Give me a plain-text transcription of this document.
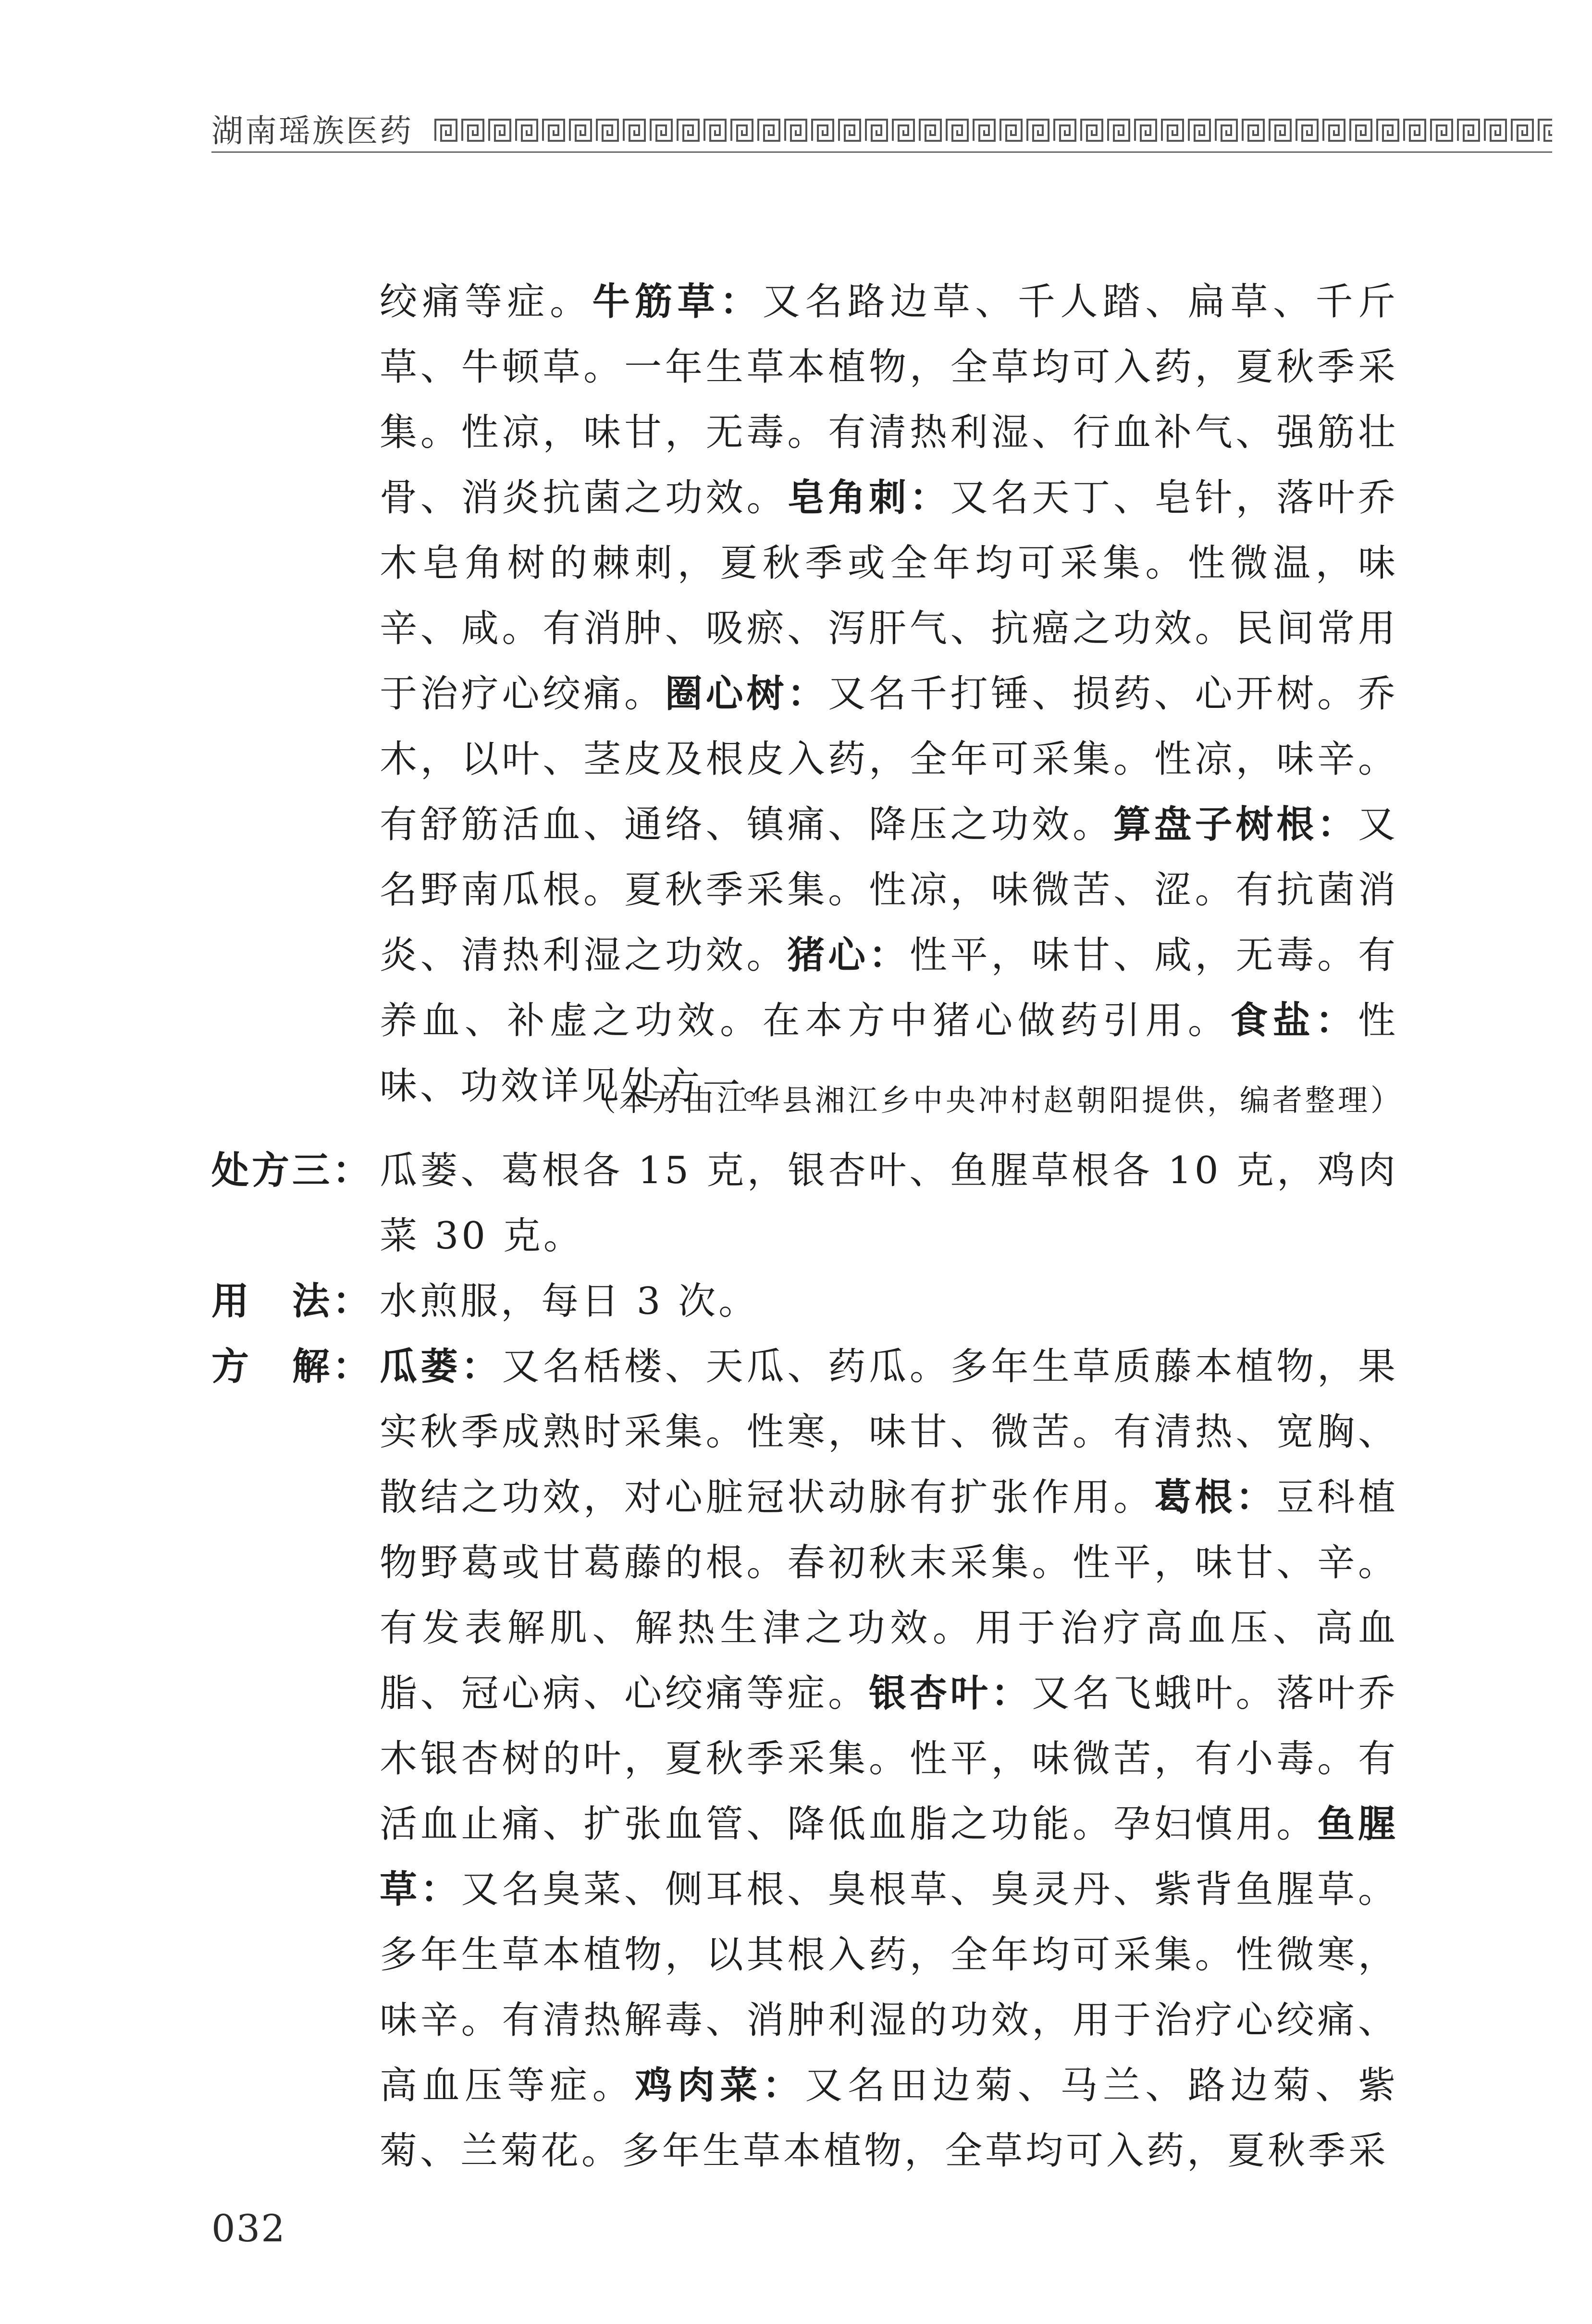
湖南瑶族医药

绞痛等症。牛筋草：又名路边草、千人踏、扁草、千斤草、牛顿草。一年生草本植物，全草均可入药，夏秋季采集。性凉，味甘，无毒。有清热利湿、行血补气、强筋壮骨、消炎抗菌之功效。皂角刺：又名天丁、皂针，落叶乔木皂角树的棘刺，夏秋季或全年均可采集。性微温，味辛、咸。有消肿、吸瘀、泻肝气、抗癌之功效。民间常用于治疗心绞痛。圈心树：又名千打锤、损药、心开树。乔木，以叶、茎皮及根皮入药，全年可采集。性凉，味辛。有舒筋活血、通络、镇痛、降压之功效。算盘子树根：又名野南瓜根。夏秋季采集。性凉，味微苦、涩。有抗菌消炎、清热利湿之功效。猪心：性平，味甘、咸，无毒。有养血、补虚之功效。在本方中猪心做药引用。食盐：性味、功效详见处方一。

（本方由江华县湘江乡中央冲村赵朝阳提供，编者整理）
处方三： 瓜蒌、葛根各 15 克，银杏叶、鱼腥草根各 10 克，鸡肉菜 30 克。
用　法： 水煎服，每日 3 次。
方　解： 瓜蒌：又名栝楼、天瓜、药瓜。多年生草质藤本植物，果实秋季成熟时采集。性寒，味甘、微苦。有清热、宽胸、散结之功效，对心脏冠状动脉有扩张作用。葛根：豆科植物野葛或甘葛藤的根。春初秋末采集。性平，味甘、辛。有发表解肌、解热生津之功效。用于治疗高血压、高血脂、冠心病、心绞痛等症。银杏叶：又名飞蛾叶。落叶乔木银杏树的叶，夏秋季采集。性平，味微苦，有小毒。有活血止痛、扩张血管、降低血脂之功能。孕妇慎用。鱼腥草：又名臭菜、侧耳根、臭根草、臭灵丹、紫背鱼腥草。多年生草本植物，以其根入药，全年均可采集。性微寒，味辛。有清热解毒、消肿利湿的功效，用于治疗心绞痛、高血压等症。鸡肉菜：又名田边菊、马兰、路边菊、紫菊、兰菊花。多年生草本植物，全草均可入药，夏秋季采

032
